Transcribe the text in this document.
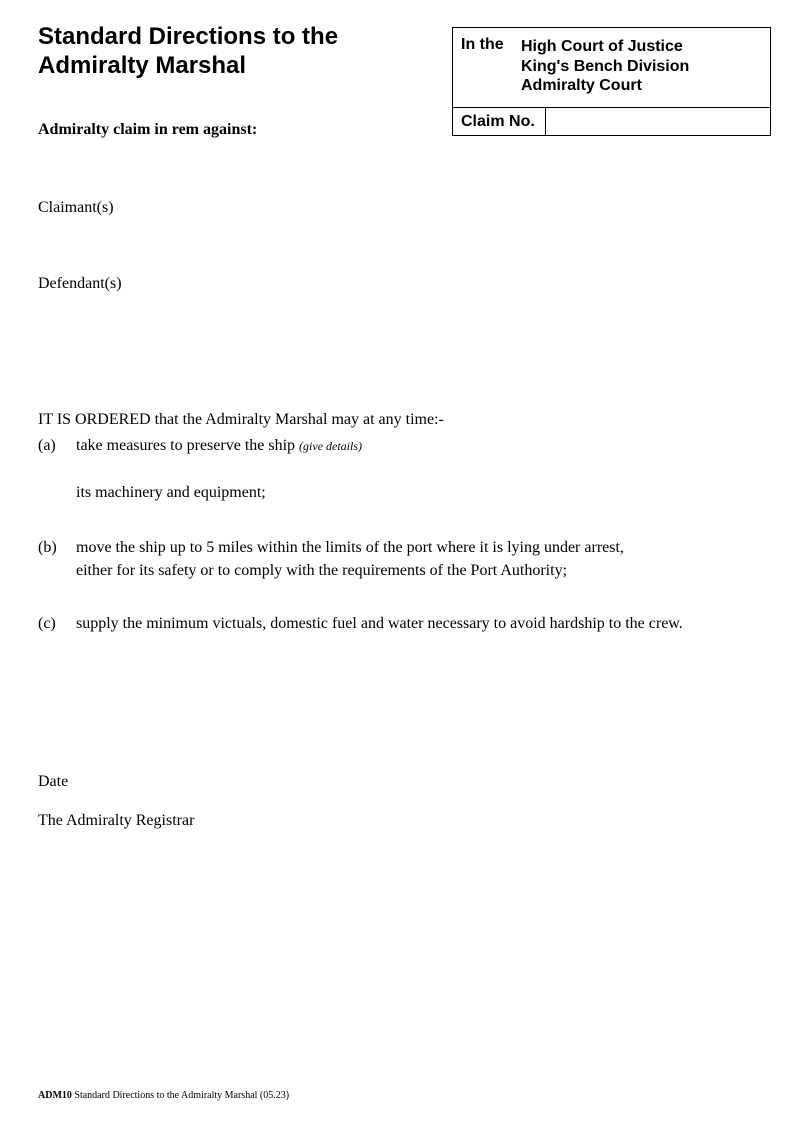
Standard Directions to the
Admiralty Marshal
In the High Court of Justice
King's Bench Division
Admiralty Court
Claim No.
Admiralty claim in rem against:
Claimant(s)
Defendant(s)
IT IS ORDERED that the Admiralty Marshal may at any time:-
(a) take measures to preserve the ship (give details)
its machinery and equipment;
(b) move the ship up to 5 miles within the limits of the port where it is lying under arrest,
either for its safety or to comply with the requirements of the Port Authority;
(c) supply the minimum victuals, domestic fuel and water necessary to avoid hardship to the crew.
Date
The Admiralty Registrar
ADM10 Standard Directions to the Admiralty Marshal (05.23)
